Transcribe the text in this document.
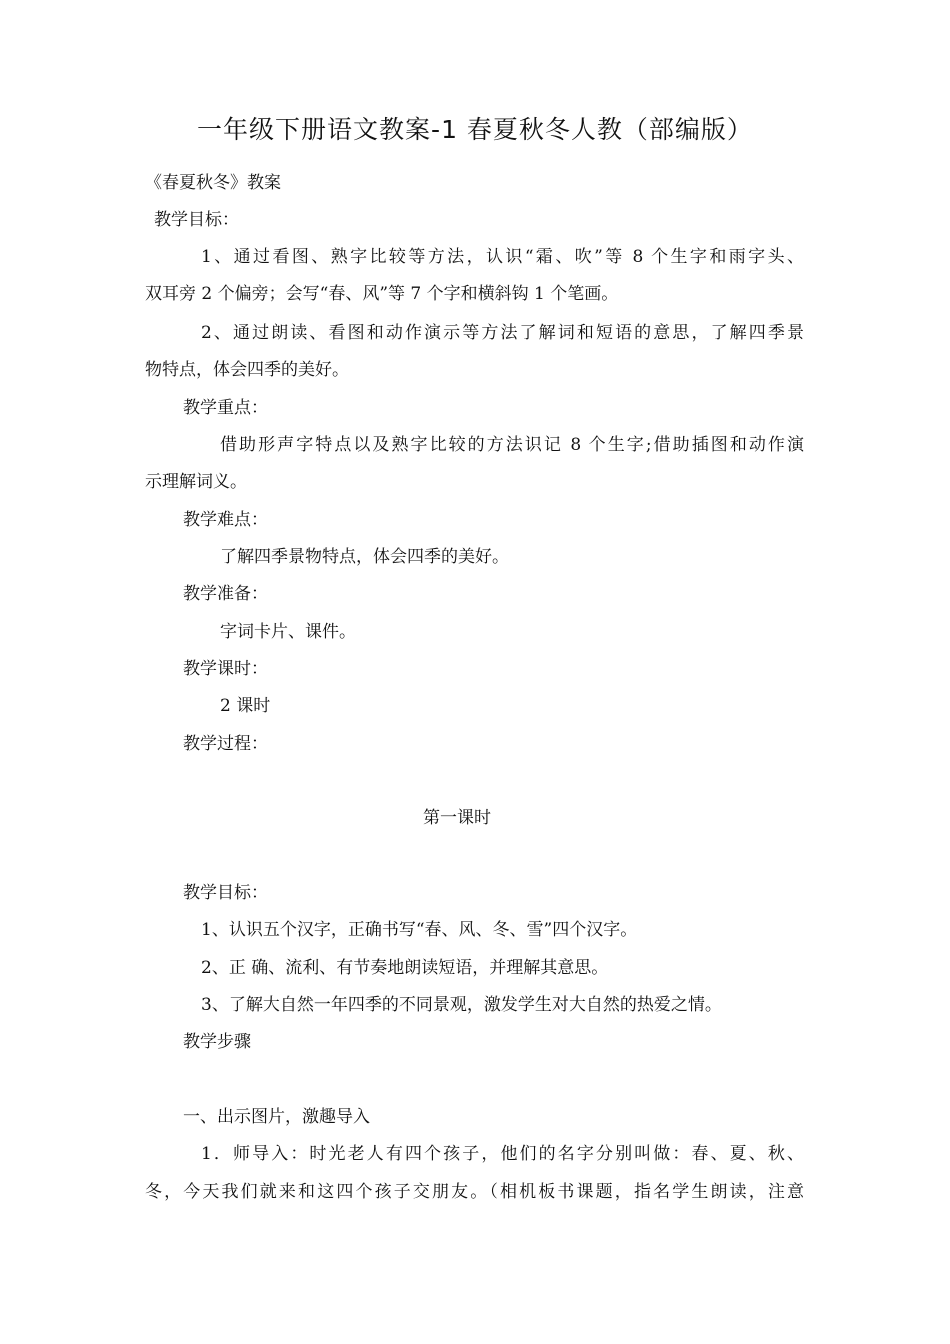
一年级下册语文教案-1 春夏秋冬人教（部编版）
《春夏秋冬》教案
教学目标：
1、通过看图、熟字比较等方法，认识“霜、吹”等 8 个生字和雨字头、
双耳旁 2 个偏旁；会写“春、风”等 7 个字和横斜钩 1 个笔画。
2、通过朗读、看图和动作演示等方法了解词和短语的意思，了解四季景
物特点，体会四季的美好。
教学重点：
借助形声字特点以及熟字比较的方法识记 8 个生字;借助插图和动作演
示理解词义。
教学难点：
了解四季景物特点，体会四季的美好。
教学准备：
字词卡片、课件。
教学课时：
2 课时
教学过程：
第一课时
教学目标：
1、认识五个汉字，正确书写“春、风、冬、雪”四个汉字。
2、正 确、流利、有节奏地朗读短语，并理解其意思。
3、了解大自然一年四季的不同景观，激发学生对大自然的热爱之情。
教学步骤
一、出示图片，激趣导入
1．师导入：时光老人有四个孩子，他们的名字分别叫做：春、夏、秋、
冬，今天我们就来和这四个孩子交朋友。（相机板书课题，指名学生朗读，注意
